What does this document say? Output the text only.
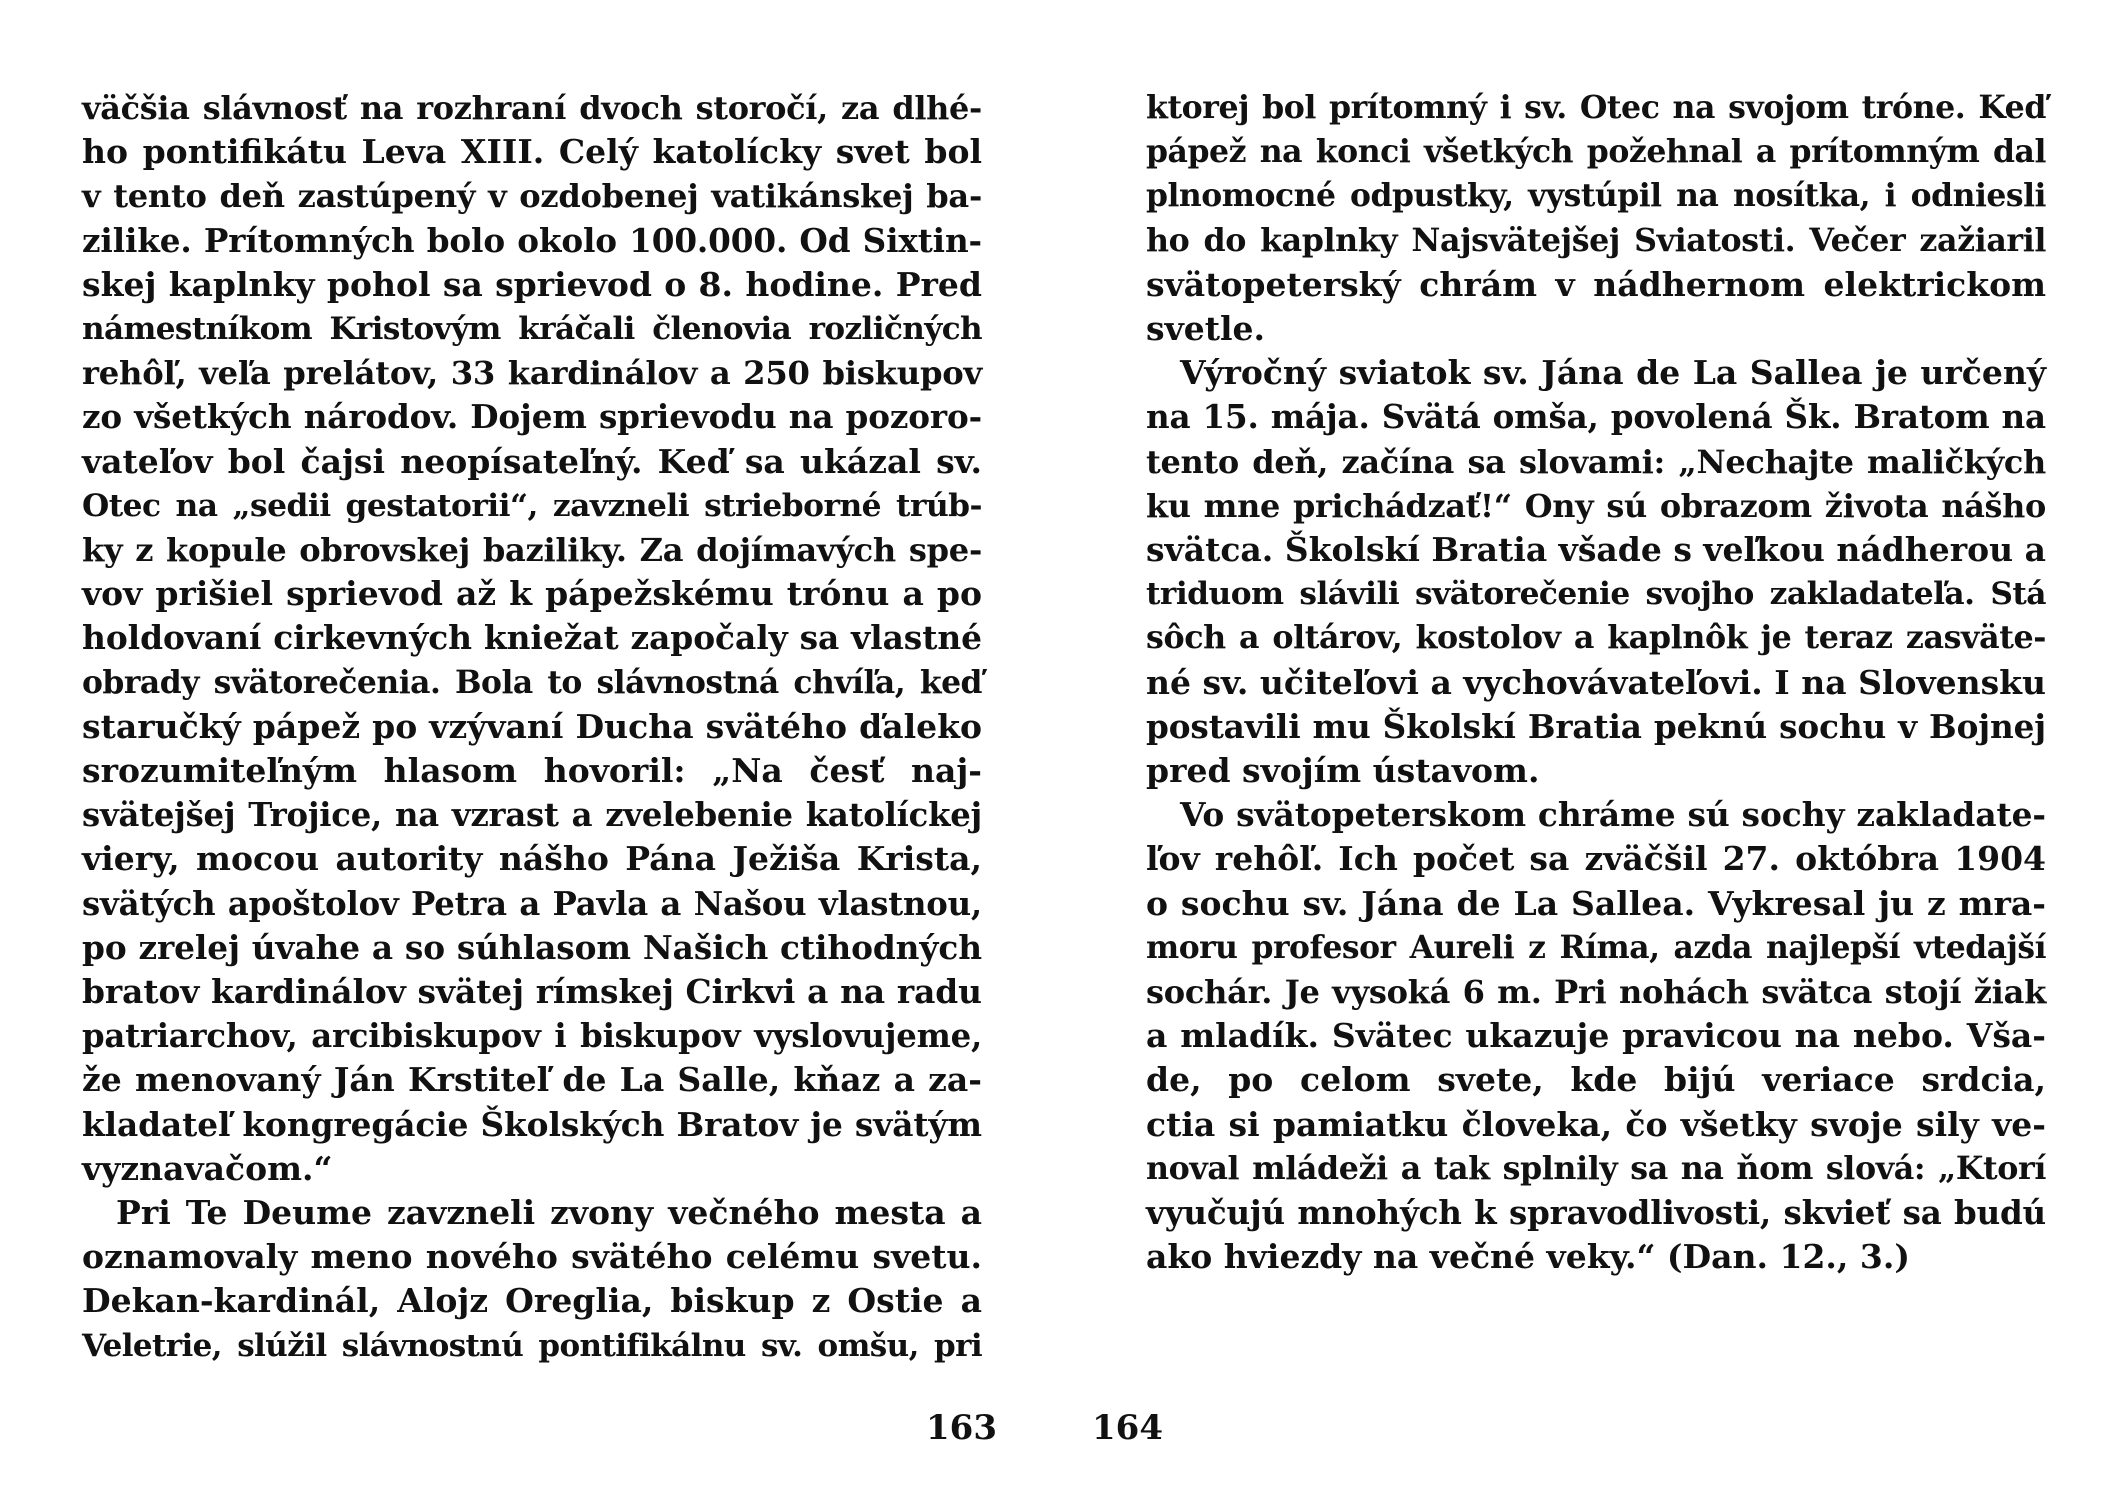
väčšia slávnosť na rozhraní dvoch storočí, za dlhé-
ho pontifikátu Leva XIII. Celý katolícky svet bol
v tento deň zastúpený v ozdobenej vatikánskej ba-
zilike. Prítomných bolo okolo 100.000. Od Sixtin-
skej kaplnky pohol sa sprievod o 8. hodine. Pred
námestníkom Kristovým kráčali členovia rozličných
rehôľ, veľa prelátov, 33 kardinálov a 250 biskupov
zo všetkých národov. Dojem sprievodu na pozoro-
vateľov bol čajsi neopísateľný. Keď sa ukázal sv.
Otec na „sedii gestatorii“, zavzneli strieborné trúb-
ky z kopule obrovskej baziliky. Za dojímavých spe-
vov prišiel sprievod až k pápežskému trónu a po
holdovaní cirkevných kniežat započaly sa vlastné
obrady svätorečenia. Bola to slávnostná chvíľa, keď
staručký pápež po vzývaní Ducha svätého ďaleko
srozumiteľným hlasom hovoril: „Na česť naj-
svätejšej Trojice, na vzrast a zvelebenie katolíckej
viery, mocou autority nášho Pána Ježiša Krista,
svätých apoštolov Petra a Pavla a Našou vlastnou,
po zrelej úvahe a so súhlasom Našich ctihodných
bratov kardinálov svätej rímskej Cirkvi a na radu
patriarchov, arcibiskupov i biskupov vyslovujeme,
že menovaný Ján Krstiteľ de La Salle, kňaz a za-
kladateľ kongregácie Školských Bratov je svätým
vyznavačom.“
Pri Te Deume zavzneli zvony večného mesta a
oznamovaly meno nového svätého celému svetu.
Dekan-kardinál, Alojz Oreglia, biskup z Ostie a
Veletrie, slúžil slávnostnú pontifikálnu sv. omšu, pri
163
ktorej bol prítomný i sv. Otec na svojom tróne. Keď
pápež na konci všetkých požehnal a prítomným dal
plnomocné odpustky, vystúpil na nosítka, i odniesli
ho do kaplnky Najsvätejšej Sviatosti. Večer zažiaril
svätopeterský chrám v nádhernom elektrickom
svetle.
Výročný sviatok sv. Jána de La Sallea je určený
na 15. mája. Svätá omša, povolená Šk. Bratom na
tento deň, začína sa slovami: „Nechajte maličkých
ku mne prichádzať!“ Ony sú obrazom života nášho
svätca. Školskí Bratia všade s veľkou nádherou a
triduom slávili svätorečenie svojho zakladateľa. Stá
sôch a oltárov, kostolov a kaplnôk je teraz zasväte-
né sv. učiteľovi a vychovávateľovi. I na Slovensku
postavili mu Školskí Bratia peknú sochu v Bojnej
pred svojím ústavom.
Vo svätopeterskom chráme sú sochy zakladate-
ľov rehôľ. Ich počet sa zväčšil 27. októbra 1904
o sochu sv. Jána de La Sallea. Vykresal ju z mra-
moru profesor Aureli z Ríma, azda najlepší vtedajší
sochár. Je vysoká 6 m. Pri nohách svätca stojí žiak
a mladík. Svätec ukazuje pravicou na nebo. Vša-
de, po celom svete, kde bijú veriace srdcia,
ctia si pamiatku človeka, čo všetky svoje sily ve-
noval mládeži a tak splnily sa na ňom slová: „Ktorí
vyučujú mnohých k spravodlivosti, skvieť sa budú
ako hviezdy na večné veky.“ (Dan. 12., 3.)
164
